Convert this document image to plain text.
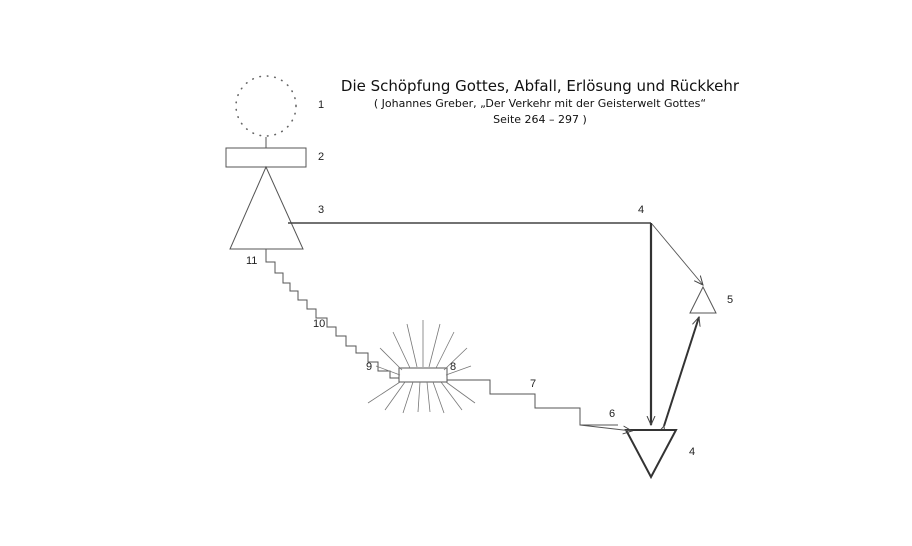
Die Schöpfung Gottes, Abfall, Erlösung und Rückkehr
( Johannes Greber, „Der Verkehr mit der Geisterwelt Gottes“
Seite 264 – 297 )
1
2
3	4
5
4
6
7
8
9
10
11
